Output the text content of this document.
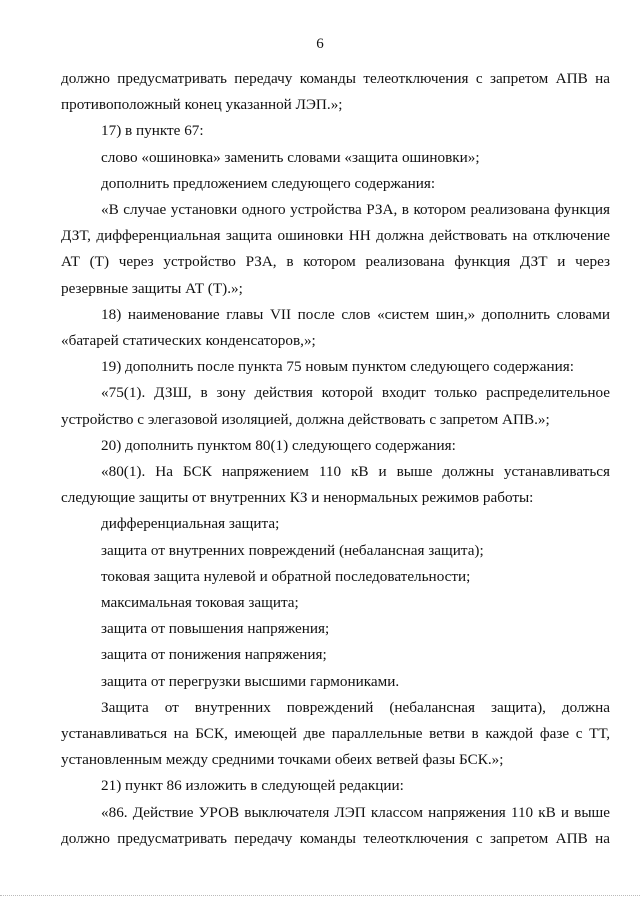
6

должно предусматривать передачу команды телеотключения с запретом АПВ на противоположный конец указанной ЛЭП.»;

17) в пункте 67:

слово «ошиновка» заменить словами «защита ошиновки»;

дополнить предложением следующего содержания:

«В случае установки одного устройства РЗА, в котором реализована функция ДЗТ, дифференциальная защита ошиновки НН должна действовать на отключение АТ (Т) через устройство РЗА, в котором реализована функция ДЗТ и через резервные защиты АТ (Т).»;

18) наименование главы VII после слов «систем шин,» дополнить словами «батарей статических конденсаторов,»;

19) дополнить после пункта 75 новым пунктом следующего содержания:

«75(1). ДЗШ, в зону действия которой входит только распределительное устройство с элегазовой изоляцией, должна действовать с запретом АПВ.»;

20) дополнить пунктом 80(1) следующего содержания:

«80(1). На БСК напряжением 110 кВ и выше должны устанавливаться следующие защиты от внутренних КЗ и ненормальных режимов работы:

дифференциальная защита;

защита от внутренних повреждений (небалансная защита);

токовая защита нулевой и обратной последовательности;

максимальная токовая защита;

защита от повышения напряжения;

защита от понижения напряжения;

защита от перегрузки высшими гармониками.

Защита от внутренних повреждений (небалансная защита), должна устанавливаться на БСК, имеющей две параллельные ветви в каждой фазе с ТТ, установленным между средними точками обеих ветвей фазы БСК.»;

21) пункт 86 изложить в следующей редакции:

«86. Действие УРОВ выключателя ЛЭП классом напряжения 110 кВ и выше должно предусматривать передачу команды телеотключения с запретом АПВ на
